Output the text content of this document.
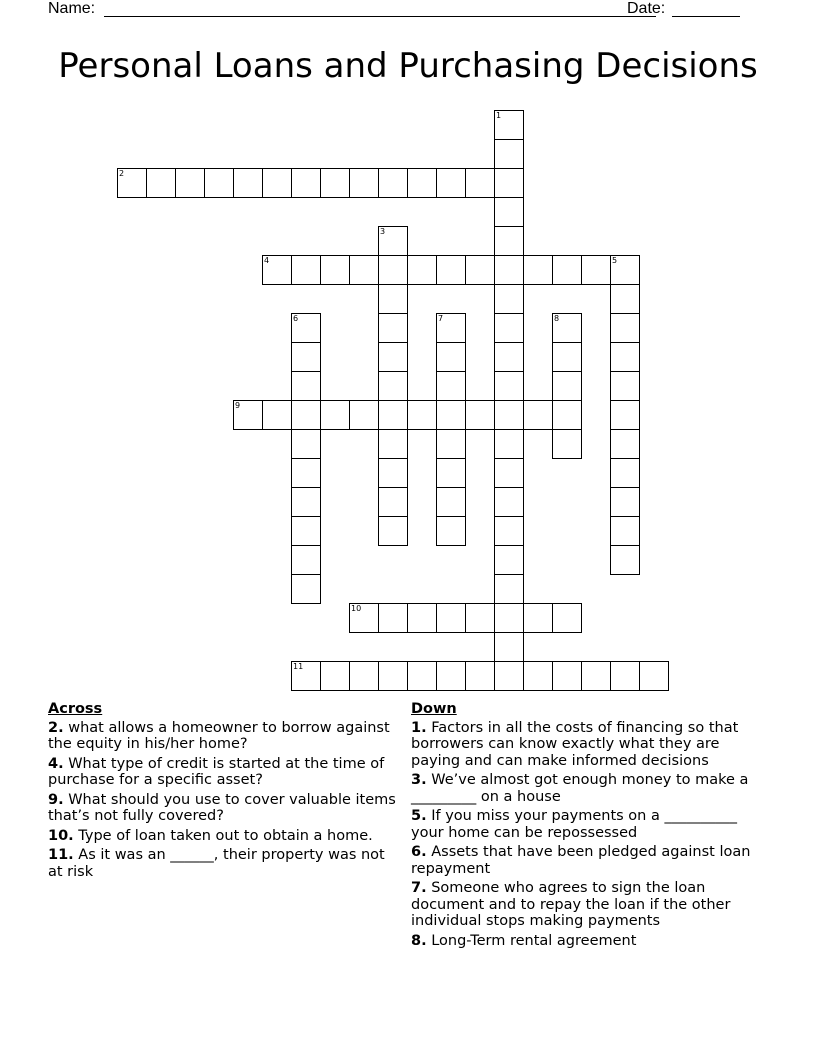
Name:	Date:
Personal Loans and Purchasing Decisions
1
2
3
4	5
6	7	8
9
10
11
Across
2. what allows a homeowner to borrow against the equity in his/her home?
4. What type of credit is started at the time of purchase for a specific asset?
9. What should you use to cover valuable items that’s not fully covered?
10. Type of loan taken out to obtain a home.
11. As it was an ______, their property was not at risk
Down
1. Factors in all the costs of financing so that borrowers can know exactly what they are paying and can make informed decisions
3. We’ve almost got enough money to make a _________ on a house
5. If you miss your payments on a __________ your home can be repossessed
6. Assets that have been pledged against loan repayment
7. Someone who agrees to sign the loan document and to repay the loan if the other individual stops making payments
8. Long-Term rental agreement
